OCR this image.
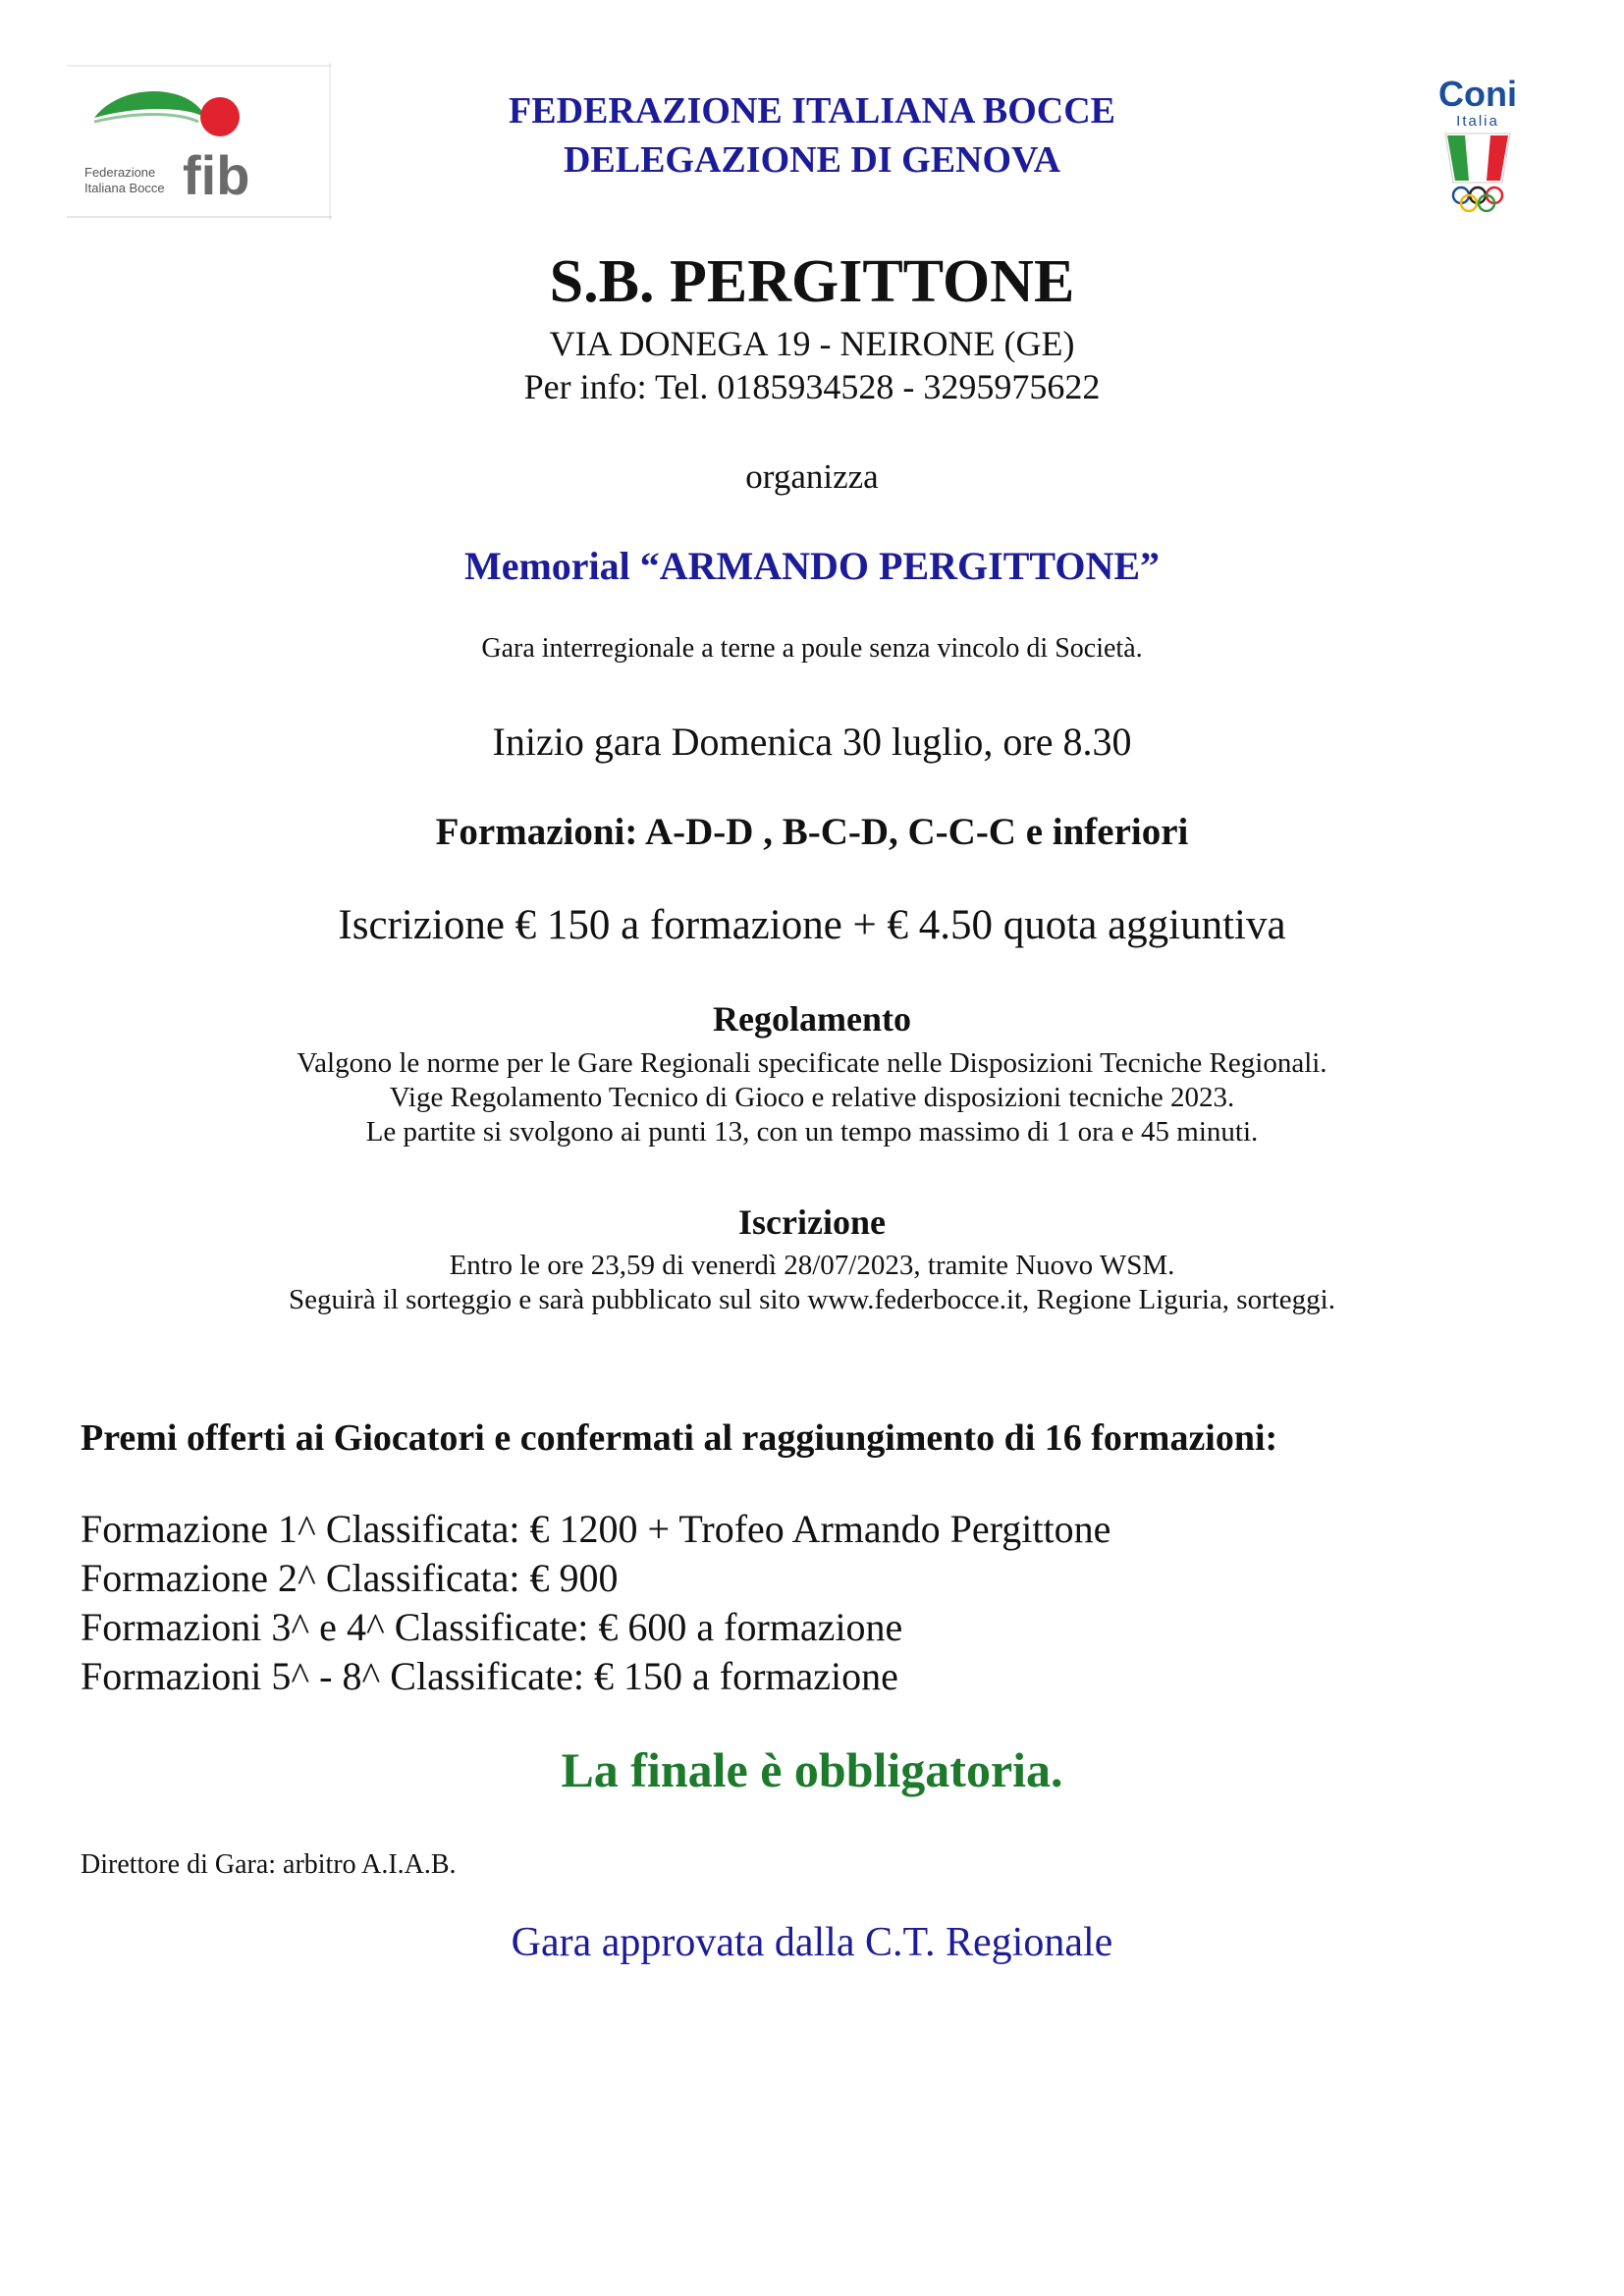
Federazione
Italiana Bocce fib
Coni
Italia
FEDERAZIONE ITALIANA BOCCE
DELEGAZIONE DI GENOVA
S.B. PERGITTONE
VIA DONEGA 19 - NEIRONE (GE)
Per info: Tel. 0185934528 - 3295975622
organizza
Memorial “ARMANDO PERGITTONE”
Gara interregionale a terne a poule senza vincolo di Società.
Inizio gara Domenica 30 luglio, ore 8.30
Formazioni: A-D-D , B-C-D, C-C-C e inferiori
Iscrizione € 150 a formazione + € 4.50 quota aggiuntiva
Regolamento
Valgono le norme per le Gare Regionali specificate nelle Disposizioni Tecniche Regionali.
Vige Regolamento Tecnico di Gioco e relative disposizioni tecniche 2023.
Le partite si svolgono ai punti 13, con un tempo massimo di 1 ora e 45 minuti.
Iscrizione
Entro le ore 23,59 di venerdì 28/07/2023, tramite Nuovo WSM.
Seguirà il sorteggio e sarà pubblicato sul sito www.federbocce.it, Regione Liguria, sorteggi.
Premi offerti ai Giocatori e confermati al raggiungimento di 16 formazioni:
Formazione 1^ Classificata: € 1200 + Trofeo Armando Pergittone
Formazione 2^ Classificata: € 900
Formazioni 3^ e 4^ Classificate: € 600 a formazione
Formazioni 5^ - 8^ Classificate: € 150 a formazione
La finale è obbligatoria.
Direttore di Gara: arbitro A.I.A.B.
Gara approvata dalla C.T. Regionale
